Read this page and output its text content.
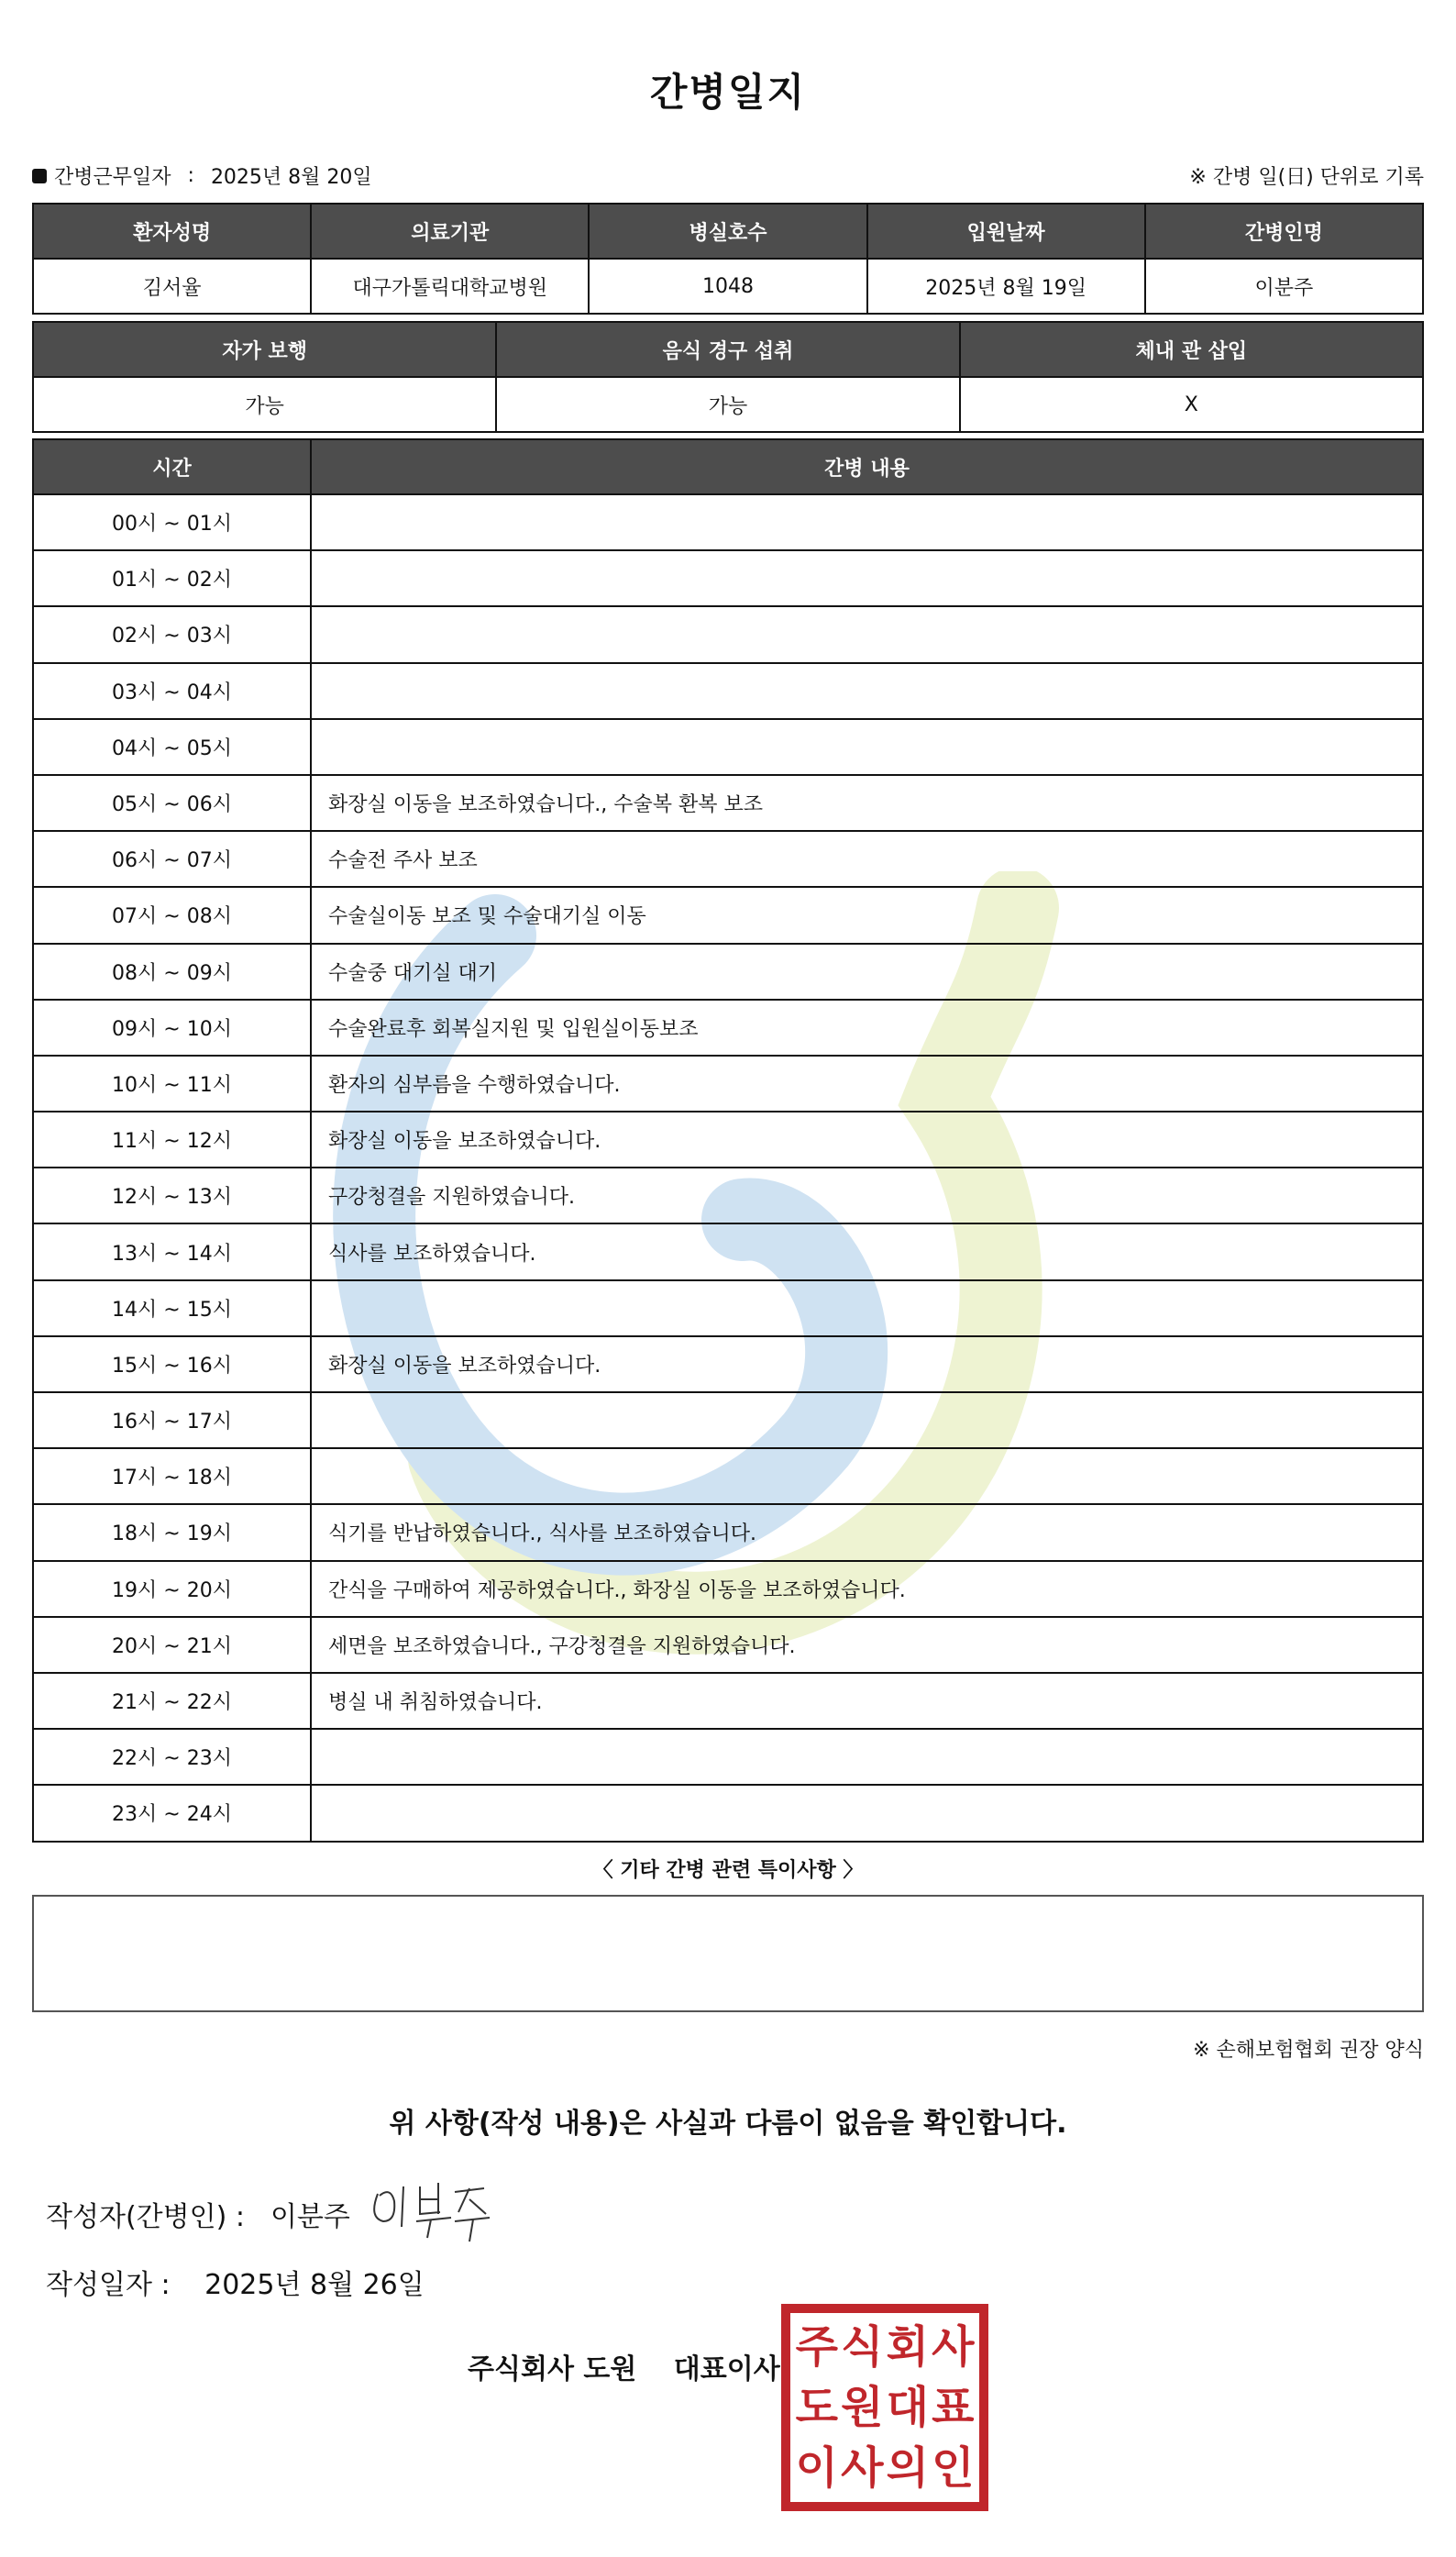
간병일지
간병근무일자 : 2025년 8월 20일	※ 간병 일(日) 단위로 기록
환자성명	의료기관	병실호수	입원날짜	간병인명
김서율	대구가톨릭대학교병원	1048	2025년 8월 19일	이분주
자가 보행	음식 경구 섭취	체내 관 삽입
가능	가능	X
시간	간병 내용
00시 ~ 01시	
01시 ~ 02시	
02시 ~ 03시	
03시 ~ 04시	
04시 ~ 05시	
05시 ~ 06시	화장실 이동을 보조하였습니다., 수술복 환복 보조
06시 ~ 07시	수술전 주사 보조
07시 ~ 08시	수술실이동 보조 및 수술대기실 이동
08시 ~ 09시	수술중 대기실 대기
09시 ~ 10시	수술완료후 회복실지원 및 입원실이동보조
10시 ~ 11시	환자의 심부름을 수행하였습니다.
11시 ~ 12시	화장실 이동을 보조하였습니다.
12시 ~ 13시	구강청결을 지원하였습니다.
13시 ~ 14시	식사를 보조하였습니다.
14시 ~ 15시	
15시 ~ 16시	화장실 이동을 보조하였습니다.
16시 ~ 17시	
17시 ~ 18시	
18시 ~ 19시	식기를 반납하였습니다., 식사를 보조하였습니다.
19시 ~ 20시	간식을 구매하여 제공하였습니다., 화장실 이동을 보조하였습니다.
20시 ~ 21시	세면을 보조하였습니다., 구강청결을 지원하였습니다.
21시 ~ 22시	병실 내 취침하였습니다.
22시 ~ 23시	
23시 ~ 24시	
〈 기타 간병 관련 특이사항 〉
※ 손해보험협회 권장 양식
위 사항(작성 내용)은 사실과 다름이 없음을 확인합니다.
작성자(간병인) : 이분주
작성일자 : 2025년 8월 26일
주식회사 도원 대표이사 주 식 회 사
도 원 대 표
이 사 의 인
